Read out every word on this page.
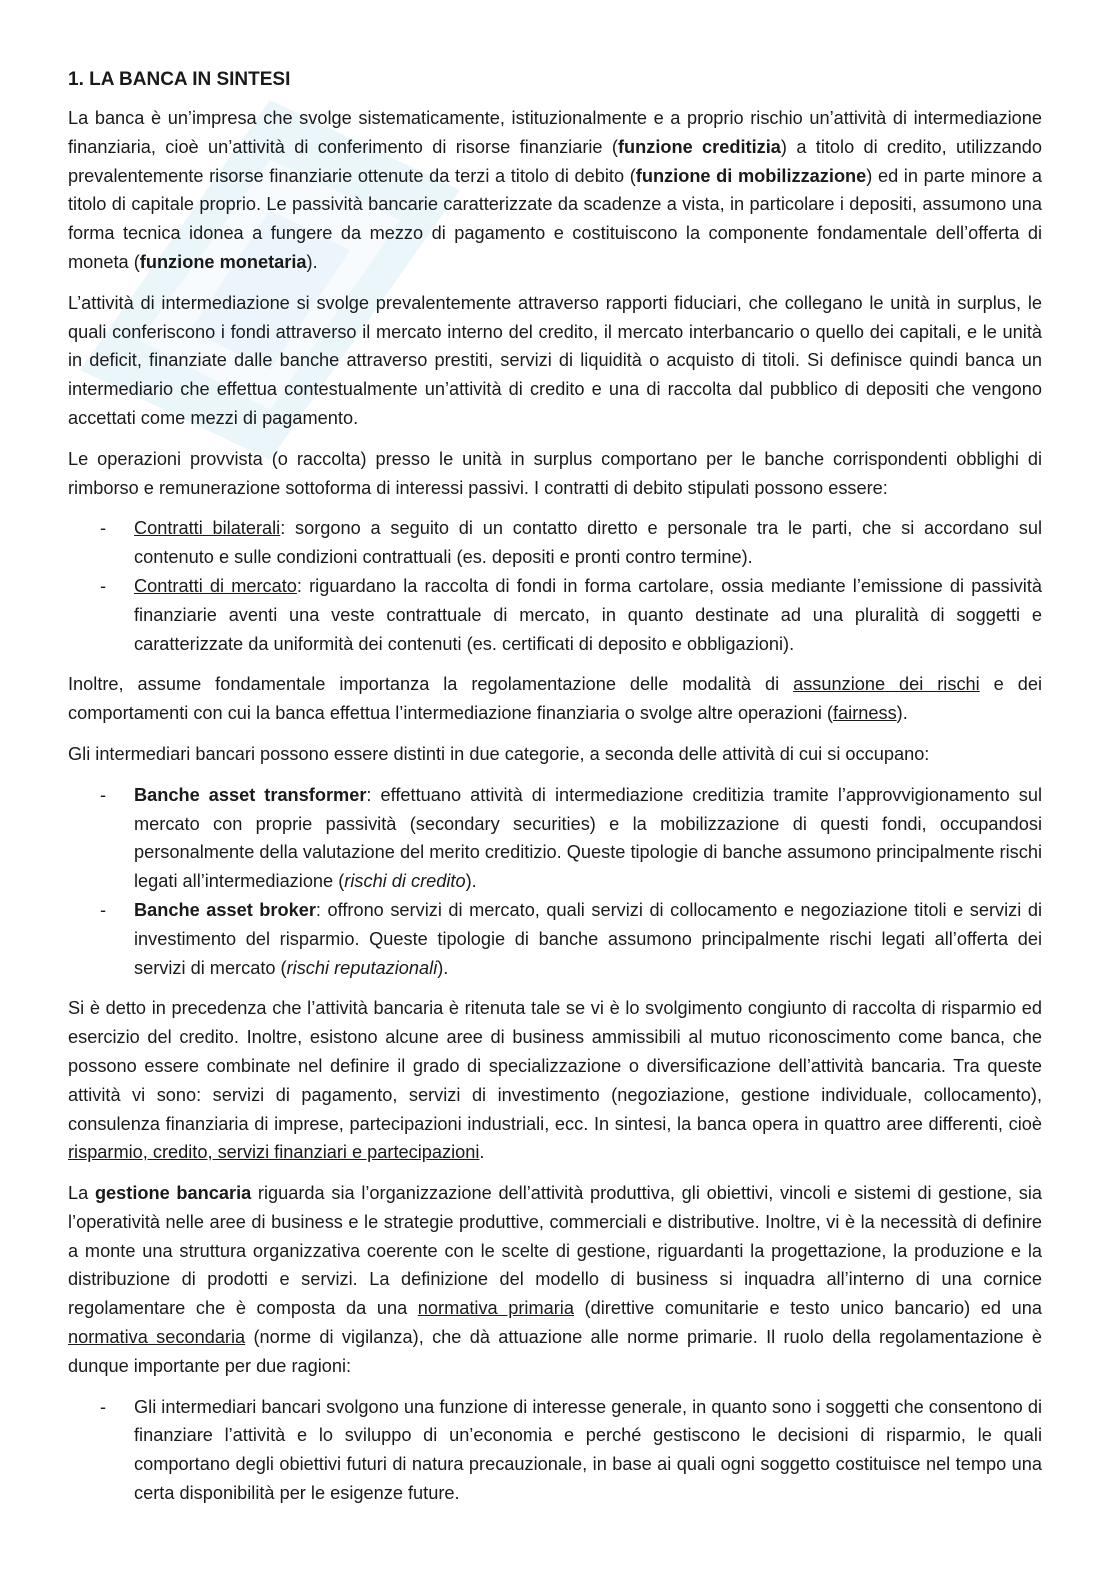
1. LA BANCA IN SINTESI

La banca è un’impresa che svolge sistematicamente, istituzionalmente e a proprio rischio un’attività di intermediazione finanziaria, cioè un’attività di conferimento di risorse finanziarie (funzione creditizia) a titolo di credito, utilizzando prevalentemente risorse finanziarie ottenute da terzi a titolo di debito (funzione di mobilizzazione) ed in parte minore a titolo di capitale proprio. Le passività bancarie caratterizzate da scadenze a vista, in particolare i depositi, assumono una forma tecnica idonea a fungere da mezzo di pagamento e costituiscono la componente fondamentale dell’offerta di moneta (funzione monetaria).

L’attività di intermediazione si svolge prevalentemente attraverso rapporti fiduciari, che collegano le unità in surplus, le quali conferiscono i fondi attraverso il mercato interno del credito, il mercato interbancario o quello dei capitali, e le unità in deficit, finanziate dalle banche attraverso prestiti, servizi di liquidità o acquisto di titoli. Si definisce quindi banca un intermediario che effettua contestualmente un’attività di credito e una di raccolta dal pubblico di depositi che vengono accettati come mezzi di pagamento.

Le operazioni provvista (o raccolta) presso le unità in surplus comportano per le banche corrispondenti obblighi di rimborso e remunerazione sottoforma di interessi passivi. I contratti di debito stipulati possono essere:

- Contratti bilaterali: sorgono a seguito di un contatto diretto e personale tra le parti, che si accordano sul contenuto e sulle condizioni contrattuali (es. depositi e pronti contro termine).
- Contratti di mercato: riguardano la raccolta di fondi in forma cartolare, ossia mediante l’emissione di passività finanziarie aventi una veste contrattuale di mercato, in quanto destinate ad una pluralità di soggetti e caratterizzate da uniformità dei contenuti (es. certificati di deposito e obbligazioni).

Inoltre, assume fondamentale importanza la regolamentazione delle modalità di assunzione dei rischi e dei comportamenti con cui la banca effettua l’intermediazione finanziaria o svolge altre operazioni (fairness).

Gli intermediari bancari possono essere distinti in due categorie, a seconda delle attività di cui si occupano:

- Banche asset transformer: effettuano attività di intermediazione creditizia tramite l’approvvigionamento sul mercato con proprie passività (secondary securities) e la mobilizzazione di questi fondi, occupandosi personalmente della valutazione del merito creditizio. Queste tipologie di banche assumono principalmente rischi legati all’intermediazione (rischi di credito).
- Banche asset broker: offrono servizi di mercato, quali servizi di collocamento e negoziazione titoli e servizi di investimento del risparmio. Queste tipologie di banche assumono principalmente rischi legati all’offerta dei servizi di mercato (rischi reputazionali).

Si è detto in precedenza che l’attività bancaria è ritenuta tale se vi è lo svolgimento congiunto di raccolta di risparmio ed esercizio del credito. Inoltre, esistono alcune aree di business ammissibili al mutuo riconoscimento come banca, che possono essere combinate nel definire il grado di specializzazione o diversificazione dell’attività bancaria. Tra queste attività vi sono: servizi di pagamento, servizi di investimento (negoziazione, gestione individuale, collocamento), consulenza finanziaria di imprese, partecipazioni industriali, ecc. In sintesi, la banca opera in quattro aree differenti, cioè risparmio, credito, servizi finanziari e partecipazioni.

La gestione bancaria riguarda sia l’organizzazione dell’attività produttiva, gli obiettivi, vincoli e sistemi di gestione, sia l’operatività nelle aree di business e le strategie produttive, commerciali e distributive. Inoltre, vi è la necessità di definire a monte una struttura organizzativa coerente con le scelte di gestione, riguardanti la progettazione, la produzione e la distribuzione di prodotti e servizi. La definizione del modello di business si inquadra all’interno di una cornice regolamentare che è composta da una normativa primaria (direttive comunitarie e testo unico bancario) ed una normativa secondaria (norme di vigilanza), che dà attuazione alle norme primarie. Il ruolo della regolamentazione è dunque importante per due ragioni:

- Gli intermediari bancari svolgono una funzione di interesse generale, in quanto sono i soggetti che consentono di finanziare l’attività e lo sviluppo di un’economia e perché gestiscono le decisioni di risparmio, le quali comportano degli obiettivi futuri di natura precauzionale, in base ai quali ogni soggetto costituisce nel tempo una certa disponibilità per le esigenze future.
